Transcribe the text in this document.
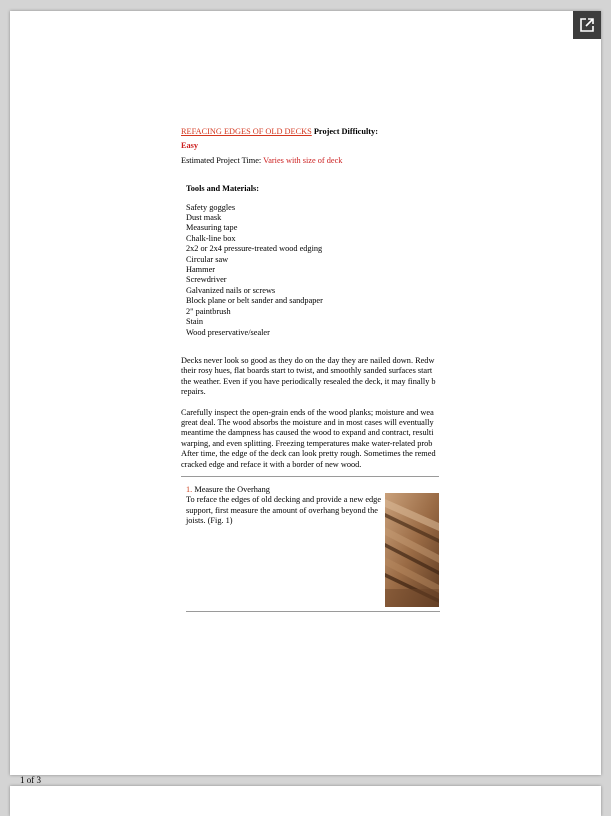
REFACING EDGES OF OLD DECKS Project Difficulty:
Easy
Estimated Project Time: Varies with size of deck
Tools and Materials:
Safety goggles
Dust mask
Measuring tape
Chalk-line box
2x2 or 2x4 pressure-treated wood edging
Circular saw
Hammer
Screwdriver
Galvanized nails or screws
Block plane or belt sander and sandpaper
2" paintbrush
Stain
Wood preservative/sealer
Decks never look so good as they do on the day they are nailed down. Redw
their rosy hues, flat boards start to twist, and smoothly sanded surfaces start
the weather. Even if you have periodically resealed the deck, it may finally b
repairs.
Carefully inspect the open-grain ends of the wood planks; moisture and wea
great deal. The wood absorbs the moisture and in most cases will eventually
meantime the dampness has caused the wood to expand and contract, resulti
warping, and even splitting. Freezing temperatures make water-related prob
After time, the edge of the deck can look pretty rough. Sometimes the remed
cracked edge and reface it with a border of new wood.
1. Measure the Overhang
To reface the edges of old decking and provide a new edge support, first measure the amount of overhang beyond the joists. (Fig. 1)
1 of 3
